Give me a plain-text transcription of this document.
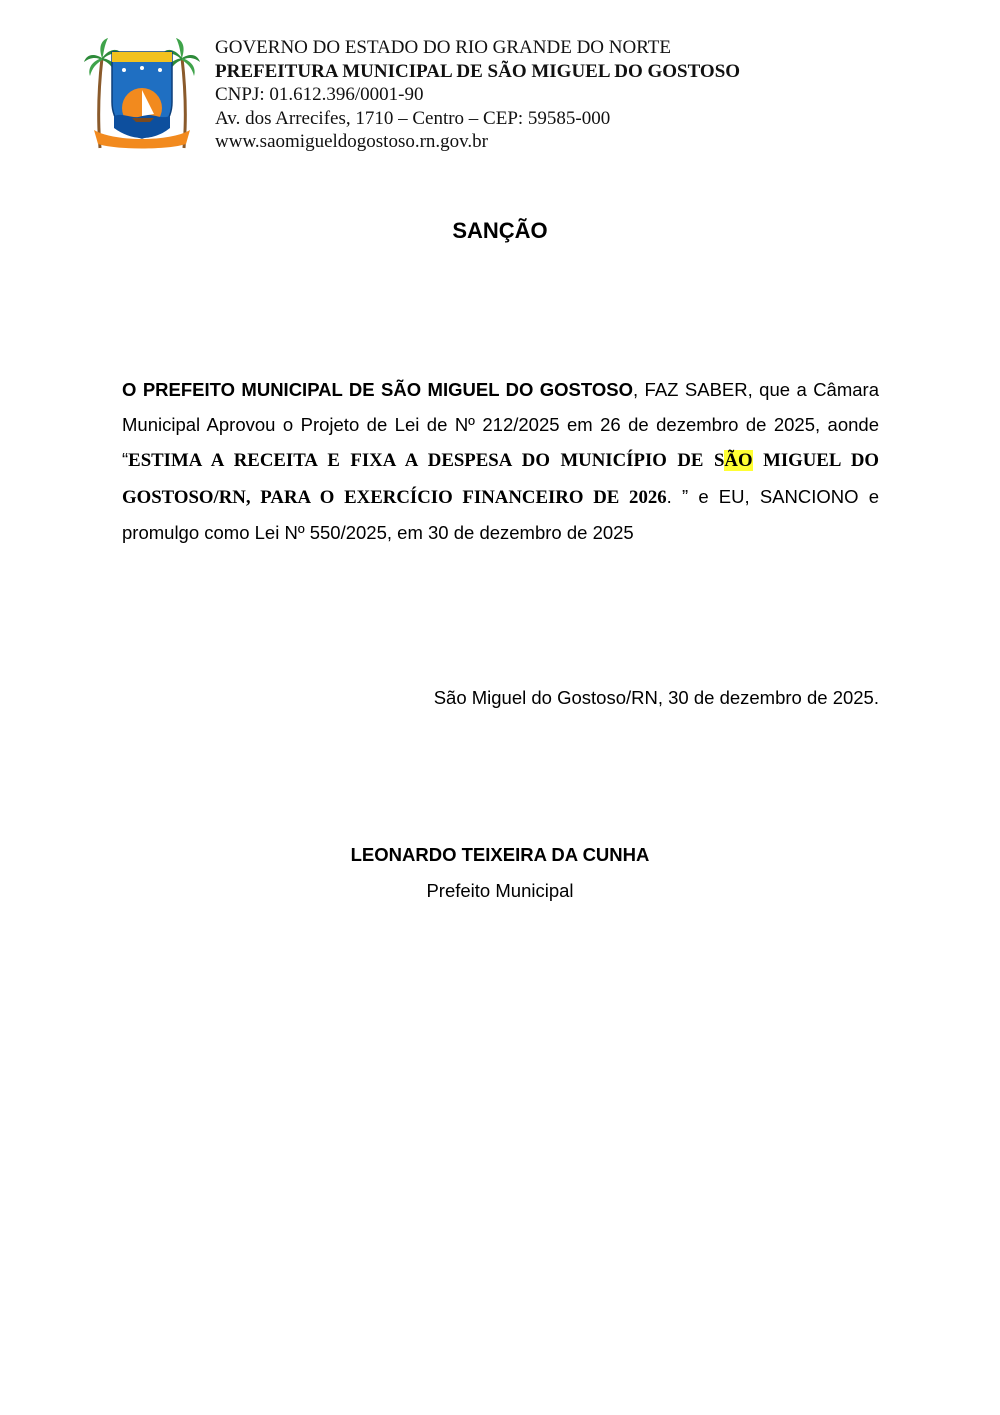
GOVERNO DO ESTADO DO RIO GRANDE DO NORTE
PREFEITURA MUNICIPAL DE SÃO MIGUEL DO GOSTOSO
CNPJ: 01.612.396/0001-90
Av. dos Arrecifes, 1710 – Centro – CEP: 59585-000
www.saomigueldogostoso.rn.gov.br
SANÇÃO
O PREFEITO MUNICIPAL DE SÃO MIGUEL DO GOSTOSO, FAZ SABER, que a Câmara Municipal Aprovou o Projeto de Lei de Nº 212/2025 em 26 de dezembro de 2025, aonde “ESTIMA A RECEITA E FIXA A DESPESA DO MUNICÍPIO DE SÃO MIGUEL DO GOSTOSO/RN, PARA O EXERCÍCIO FINANCEIRO DE 2026. ” e EU, SANCIONO e promulgo como Lei Nº 550/2025, em 30 de dezembro de 2025
São Miguel do Gostoso/RN, 30 de dezembro de 2025.
LEONARDO TEIXEIRA DA CUNHA
Prefeito Municipal
